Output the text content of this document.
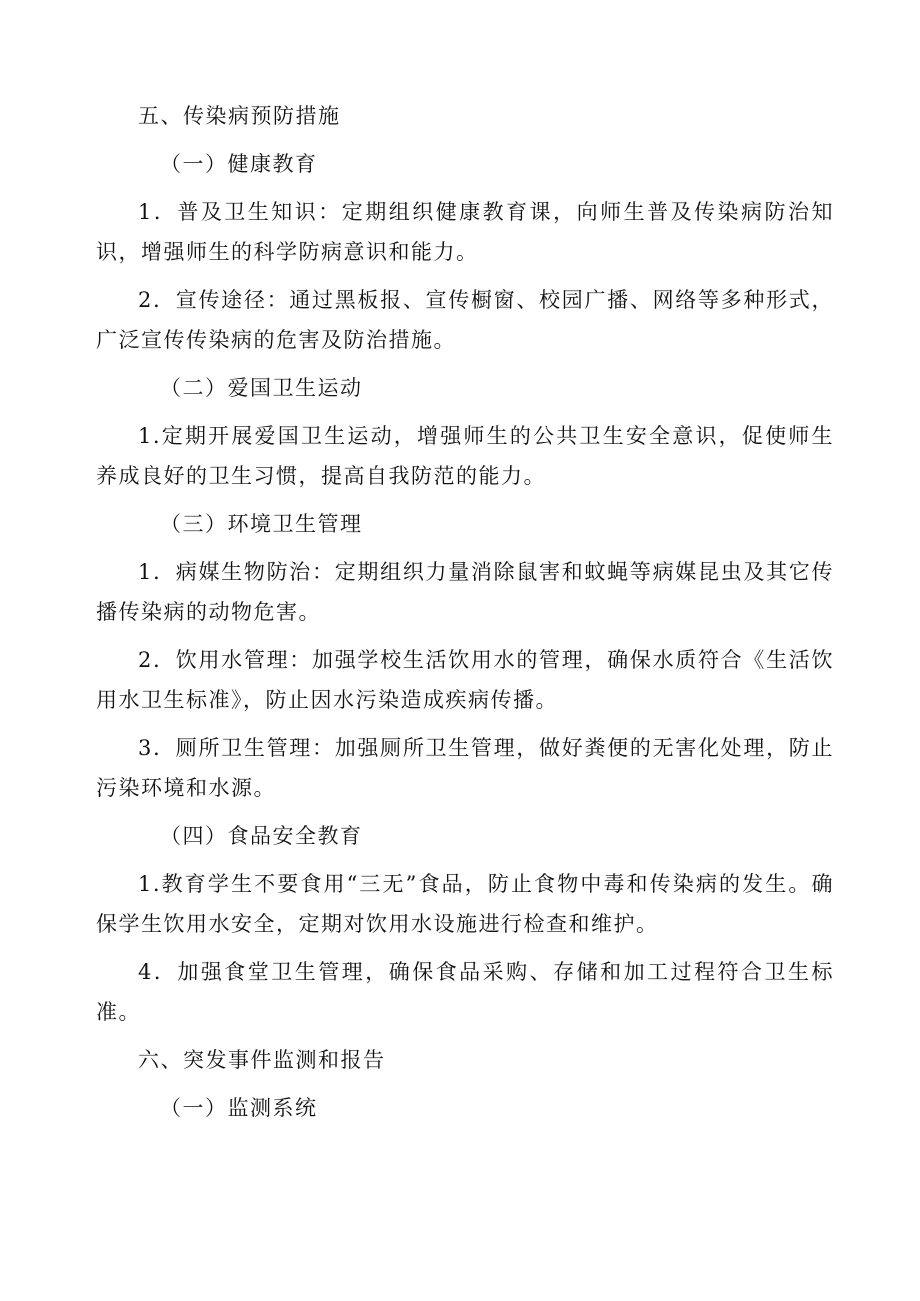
五、传染病预防措施
（一）健康教育

1．普及卫生知识：定期组织健康教育课，向师生普及传染病防治知识，增强师生的科学防病意识和能力。

2．宣传途径：通过黑板报、宣传橱窗、校园广播、网络等多种形式，广泛宣传传染病的危害及防治措施。

（二）爱国卫生运动

1.定期开展爱国卫生运动，增强师生的公共卫生安全意识，促使师生养成良好的卫生习惯，提高自我防范的能力。

（三）环境卫生管理

1．病媒生物防治：定期组织力量消除鼠害和蚊蝇等病媒昆虫及其它传播传染病的动物危害。

2．饮用水管理：加强学校生活饮用水的管理，确保水质符合《生活饮用水卫生标准》，防止因水污染造成疾病传播。

3．厕所卫生管理：加强厕所卫生管理，做好粪便的无害化处理，防止污染环境和水源。

（四）食品安全教育

1.教育学生不要食用“三无”食品，防止食物中毒和传染病的发生。确保学生饮用水安全，定期对饮用水设施进行检查和维护。

4．加强食堂卫生管理，确保食品采购、存储和加工过程符合卫生标准。

六、突发事件监测和报告
（一）监测系统
